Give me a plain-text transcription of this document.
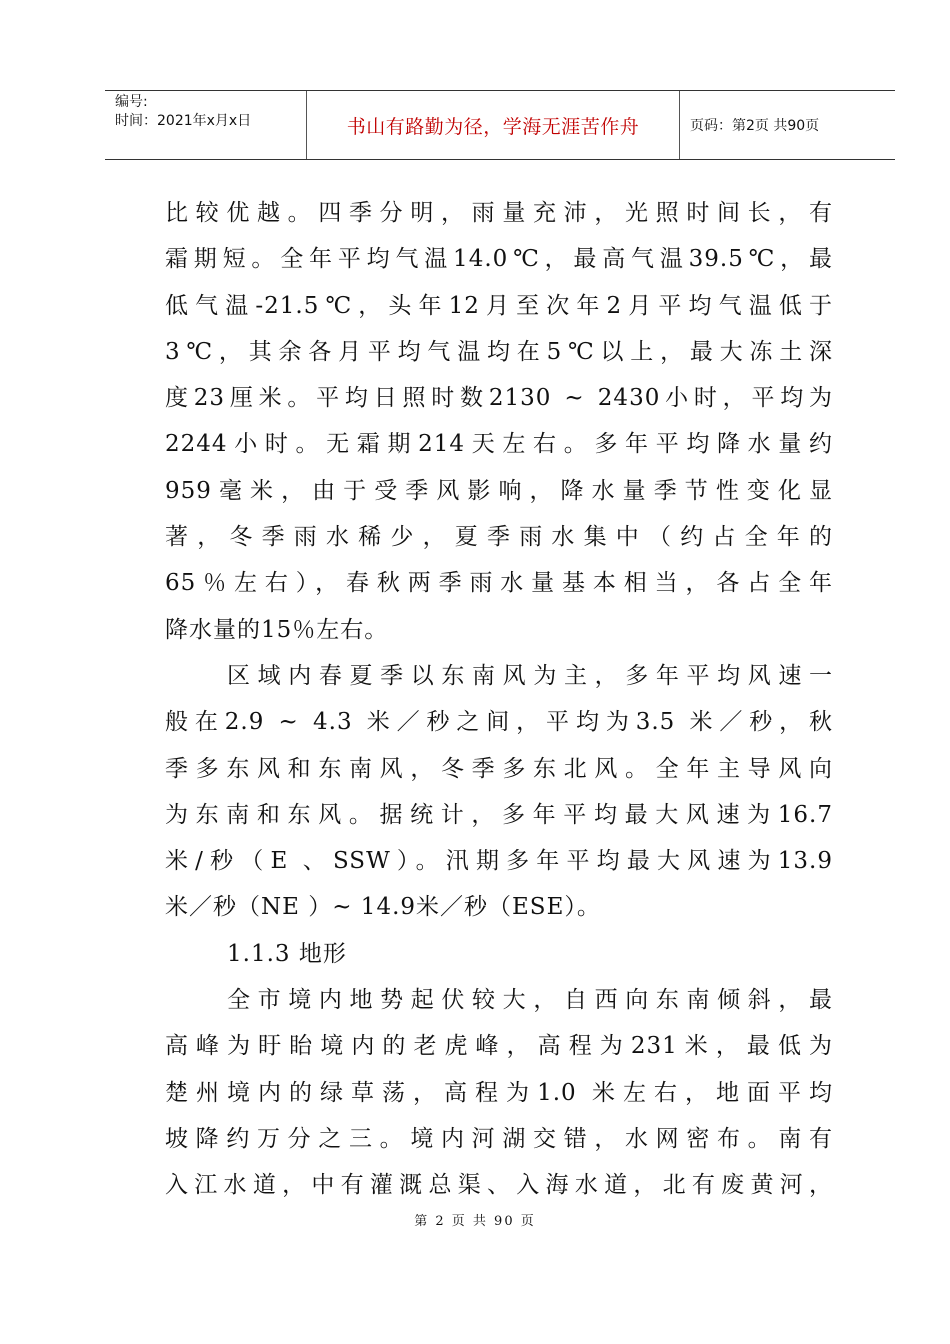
编号:
时间：2021年x月x日	书山有路勤为径，学海无涯苦作舟	页码：第2页 共90页
比较优越。四季分明，雨量充沛，光照时间长，有
霜期短。全年平均气温14.0℃，最高气温39.5℃，最
低气温-21.5℃，头年12月至次年2月平均气温低于
3℃，其余各月平均气温均在5℃以上，最大冻土深
度23厘米。平均日照时数2130 ~ 2430小时，平均为
2244小时。无霜期214天左右。多年平均降水量约
959毫米，由于受季风影响，降水量季节性变化显
著，冬季雨水稀少，夏季雨水集中（约占全年的
65％左右），春秋两季雨水量基本相当，各占全年
降水量的15％左右。
区域内春夏季以东南风为主，多年平均风速一
般在2.9 ~ 4.3 米／秒之间，平均为3.5 米／秒，秋
季多东风和东南风，冬季多东北风。全年主导风向
为东南和东风。据统计，多年平均最大风速为16.7
米/秒（E 、SSW）。汛期多年平均最大风速为13.9
米／秒（NE ）~ 14.9米／秒（ESE）。
1.1.3 地形
全市境内地势起伏较大，自西向东南倾斜，最
高峰为盱眙境内的老虎峰，高程为231米，最低为
楚州境内的绿草荡，高程为1.0 米左右，地面平均
坡降约万分之三。境内河湖交错，水网密布。南有
入江水道，中有灌溉总渠、入海水道，北有废黄河，
第 2 页 共 90 页
